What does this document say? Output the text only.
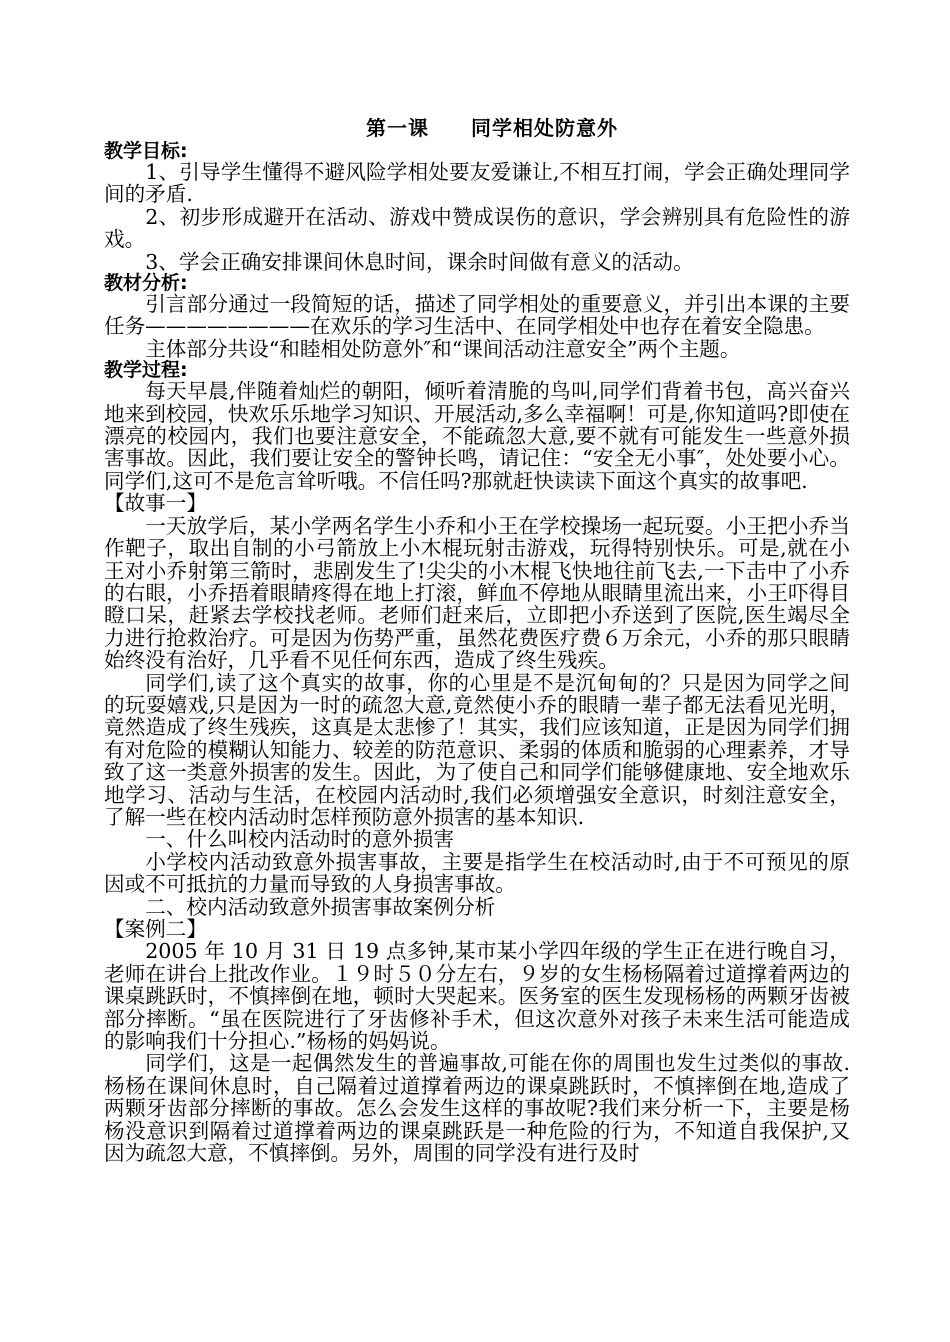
第一课　　同学相处防意外
教学目标:

1、引导学生懂得不避风险学相处要友爱谦让,不相互打闹，学会正确处理同学间的矛盾.

2、初步形成避开在活动、游戏中赞成误伤的意识，学会辨别具有危险性的游戏。

3、学会正确安排课间休息时间，课余时间做有意义的活动。

教材分析:

引言部分通过一段简短的话，描述了同学相处的重要意义，并引出本课的主要任务————————在欢乐的学习生活中、在同学相处中也存在着安全隐患。

主体部分共设“和睦相处防意外″和“课间活动注意安全”两个主题。

教学过程:

每天早晨,伴随着灿烂的朝阳，倾听着清脆的鸟叫,同学们背着书包，高兴奋兴地来到校园，快欢乐乐地学习知识、开展活动,多么幸福啊！可是,你知道吗?即使在漂亮的校园内，我们也要注意安全，不能疏忽大意,要不就有可能发生一些意外损害事故。因此，我们要让安全的警钟长鸣，请记住：“安全无小事″，处处要小心。同学们,这可不是危言耸听哦。不信任吗?那就赶快读读下面这个真实的故事吧.

【故事一】

一天放学后，某小学两名学生小乔和小王在学校操场一起玩耍。小王把小乔当作靶子，取出自制的小弓箭放上小木棍玩射击游戏，玩得特别快乐。可是,就在小王对小乔射第三箭时，悲剧发生了!尖尖的小木棍飞快地往前飞去,一下击中了小乔的右眼，小乔捂着眼睛疼得在地上打滚，鲜血不停地从眼睛里流出来，小王吓得目瞪口呆，赶紧去学校找老师。老师们赶来后，立即把小乔送到了医院,医生竭尽全力进行抢救治疗。可是因为伤势严重，虽然花费医疗费６万余元，小乔的那只眼睛始终没有治好，几乎看不见任何东西，造成了终生残疾。

同学们,读了这个真实的故事，你的心里是不是沉甸甸的？只是因为同学之间的玩耍嬉戏,只是因为一时的疏忽大意,竟然使小乔的眼睛一辈子都无法看见光明，竟然造成了终生残疾，这真是太悲惨了！其实，我们应该知道，正是因为同学们拥有对危险的模糊认知能力、较差的防范意识、柔弱的体质和脆弱的心理素养，才导致了这一类意外损害的发生。因此，为了使自己和同学们能够健康地、安全地欢乐地学习、活动与生活，在校园内活动时,我们必须增强安全意识，时刻注意安全，了解一些在校内活动时怎样预防意外损害的基本知识.

一、什么叫校内活动时的意外损害

小学校内活动致意外损害事故，主要是指学生在校活动时,由于不可预见的原因或不可抵抗的力量而导致的人身损害事故。

二、校内活动致意外损害事故案例分析

【案例二】

2005 年 10 月 31 日 19 点多钟,某市某小学四年级的学生正在进行晚自习，老师在讲台上批改作业。１９时５０分左右，９岁的女生杨杨隔着过道撑着两边的课桌跳跃时，不慎摔倒在地，顿时大哭起来。医务室的医生发现杨杨的两颗牙齿被部分摔断。“虽在医院进行了牙齿修补手术，但这次意外对孩子未来生活可能造成的影响我们十分担心.”杨杨的妈妈说。

同学们，这是一起偶然发生的普遍事故,可能在你的周围也发生过类似的事故.杨杨在课间休息时，自己隔着过道撑着两边的课桌跳跃时，不慎摔倒在地,造成了两颗牙齿部分摔断的事故。怎么会发生这样的事故呢?我们来分析一下，主要是杨杨没意识到隔着过道撑着两边的课桌跳跃是一种危险的行为，不知道自我保护,又因为疏忽大意，不慎摔倒。另外，周围的同学没有进行及时
